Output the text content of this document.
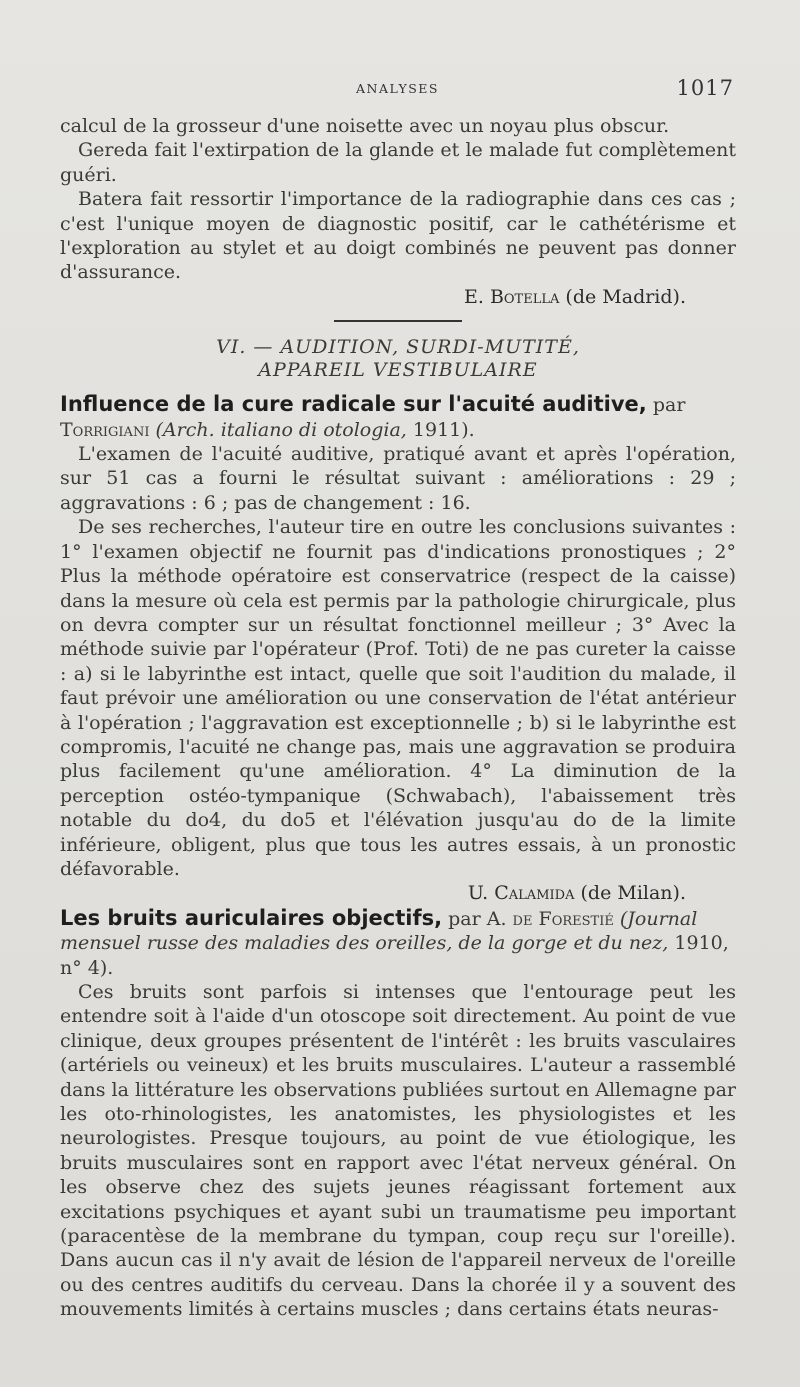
ANALYSES	1017

calcul de la grosseur d'une noisette avec un noyau plus obscur.

Gereda fait l'extirpation de la glande et le malade fut complètement guéri.

Batera fait ressortir l'importance de la radiographie dans ces cas ; c'est l'unique moyen de diagnostic positif, car le cathétérisme et l'exploration au stylet et au doigt combinés ne peuvent pas donner d'assurance.

E. Botella (de Madrid).

VI. — AUDITION, SURDI-MUTITÉ,
APPAREIL VESTIBULAIRE

Influence de la cure radicale sur l'acuité auditive, par Torrigiani (Arch. italiano di otologia, 1911).

L'examen de l'acuité auditive, pratiqué avant et après l'opération, sur 51 cas a fourni le résultat suivant : améliorations : 29 ; aggravations : 6 ; pas de changement : 16.

De ses recherches, l'auteur tire en outre les conclusions suivantes : 1° l'examen objectif ne fournit pas d'indications pronostiques ; 2° Plus la méthode opératoire est conservatrice (respect de la caisse) dans la mesure où cela est permis par la pathologie chirurgicale, plus on devra compter sur un résultat fonctionnel meilleur ; 3° Avec la méthode suivie par l'opérateur (Prof. Toti) de ne pas cureter la caisse : a) si le labyrinthe est intact, quelle que soit l'audition du malade, il faut prévoir une amélioration ou une conservation de l'état antérieur à l'opération ; l'aggravation est exceptionnelle ; b) si le labyrinthe est compromis, l'acuité ne change pas, mais une aggravation se produira plus facilement qu'une amélioration. 4° La diminution de la perception ostéo-tympanique (Schwabach), l'abaissement très notable du do4, du do5 et l'élévation jusqu'au do de la limite inférieure, obligent, plus que tous les autres essais, à un pronostic défavorable.

U. Calamida (de Milan).

Les bruits auriculaires objectifs, par A. de Forestié (Journal mensuel russe des maladies des oreilles, de la gorge et du nez, 1910, n° 4).

Ces bruits sont parfois si intenses que l'entourage peut les entendre soit à l'aide d'un otoscope soit directement. Au point de vue clinique, deux groupes présentent de l'intérêt : les bruits vasculaires (artériels ou veineux) et les bruits musculaires. L'auteur a rassemblé dans la littérature les observations publiées surtout en Allemagne par les oto-rhinologistes, les anatomistes, les physiologistes et les neurologistes. Presque toujours, au point de vue étiologique, les bruits musculaires sont en rapport avec l'état nerveux général. On les observe chez des sujets jeunes réagissant fortement aux excitations psychiques et ayant subi un traumatisme peu important (paracentèse de la membrane du tympan, coup reçu sur l'oreille). Dans aucun cas il n'y avait de lésion de l'appareil nerveux de l'oreille ou des centres auditifs du cerveau. Dans la chorée il y a souvent des mouvements limités à certains muscles ; dans certains états neuras-
